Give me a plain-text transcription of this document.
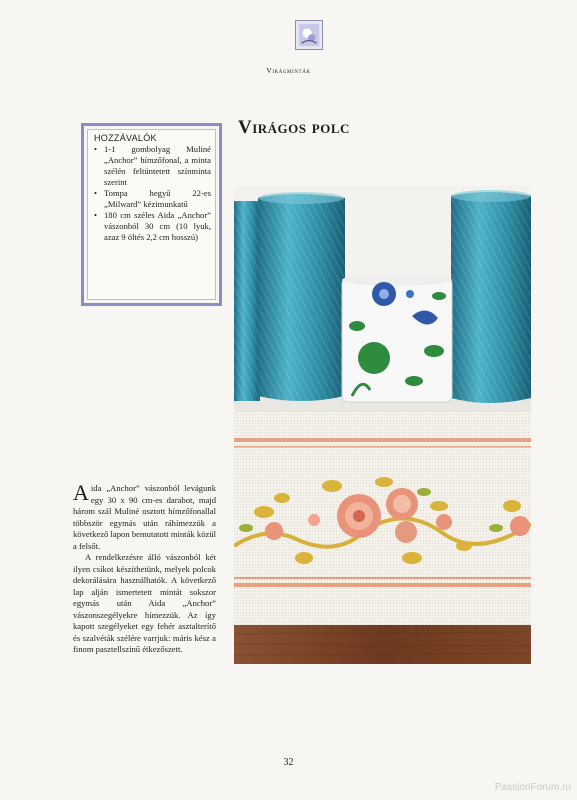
Virágminták
HOZZÁVALÓK
• 1-1 gombolyag Muliné „Anchor” hímzőfonal, a minta szélén feltüntetett színminta szerint
• Tompa hegyű 22-es „Milward” kézimunkatű
• 180 cm széles Aida „Anchor” vászonból 30 cm (10 lyuk, azaz 9 öltés 2,2 cm hosszú)
Virágos polc

Aida „Anchor” vászonból levágunk egy 30 x 90 cm-es darabot, majd három szál Muliné osztott hímzőfonallal többször egymás után ráhímezzük a következő lapon bemutatott minták közül a felsőt.

A rendelkezésre álló vászonból két ilyen csíkot készíthetünk, melyek polcok dekorálására használhatók. A következő lap alján ismertetett mintát sokszor egymás után Aida „Anchor” vászonszegélyekre hímezzük. Az így kapott szegélyeket egy fehér asztalterítő és szalvéták szélére varrjuk: máris kész a finom pasztellszínű étkezőszett.

32
PassionForum.ru
